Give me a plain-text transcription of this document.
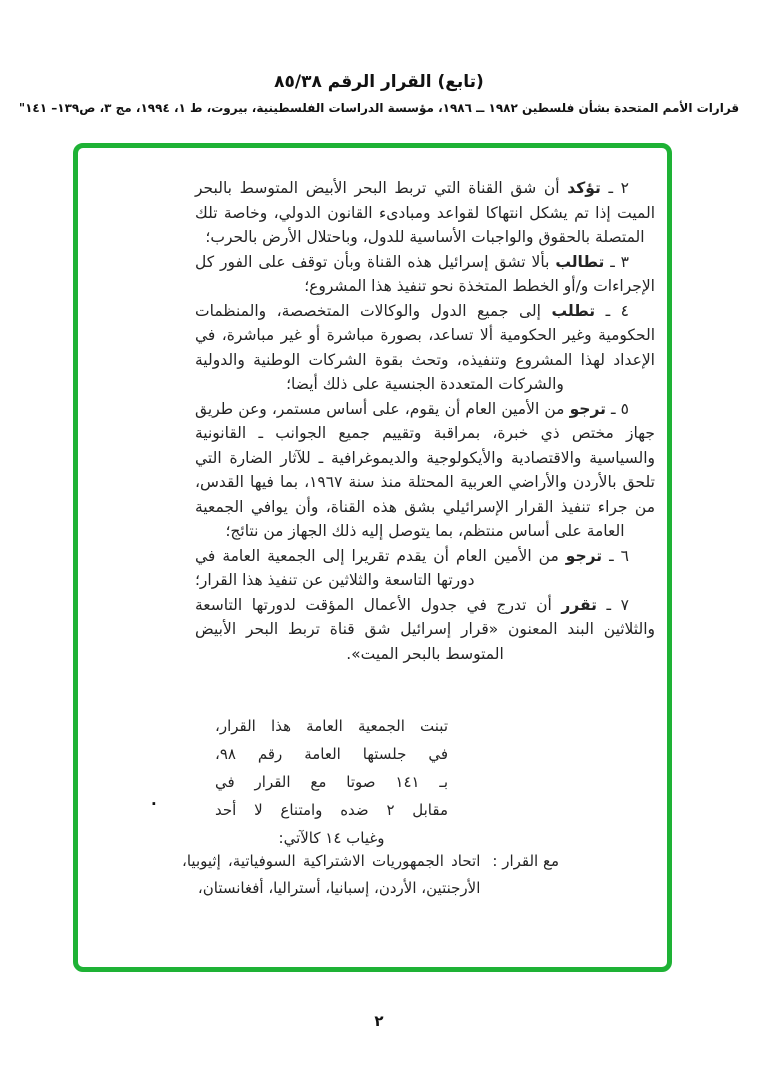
(تابع) القرار الرقم ٨٥/٣٨
قرارات الأمم المتحدة بشأن فلسطين ١٩٨٢ ــ ١٩٨٦، مؤسسة الدراسات الفلسطينية، بيروت، ط ١، ١٩٩٤، مج ٣، ص١٣٩– ١٤١"

٢ ـ تؤكد أن شق القناة التي تربط البحر الأبيض المتوسط بالبحر الميت إذا تم يشكل انتهاكا لقواعد ومبادىء القانون الدولي، وخاصة تلك المتصلة بالحقوق والواجبات الأساسية للدول، وباحتلال الأرض بالحرب؛

٣ ـ تطالب بألا تشق إسرائيل هذه القناة وبأن توقف على الفور كل الإجراءات و/أو الخطط المتخذة نحو تنفيذ هذا المشروع؛

٤ ـ تطلب إلى جميع الدول والوكالات المتخصصة، والمنظمات الحكومية وغير الحكومية ألا تساعد، بصورة مباشرة أو غير مباشرة، في الإعداد لهذا المشروع وتنفيذه، وتحث بقوة الشركات الوطنية والدولية والشركات المتعددة الجنسية على ذلك أيضا؛

٥ ـ ترجو من الأمين العام أن يقوم، على أساس مستمر، وعن طريق جهاز مختص ذي خبرة، بمراقبة وتقييم جميع الجوانب ـ القانونية والسياسية والاقتصادية والأيكولوجية والديموغرافية ـ للآثار الضارة التي تلحق بالأردن والأراضي العربية المحتلة منذ سنة ١٩٦٧، بما فيها القدس، من جراء تنفيذ القرار الإسرائيلي بشق هذه القناة، وأن يوافي الجمعية العامة على أساس منتظم، بما يتوصل إليه ذلك الجهاز من نتائج؛

٦ ـ ترجو من الأمين العام أن يقدم تقريرا إلى الجمعية العامة في دورتها التاسعة والثلاثين عن تنفيذ هذا القرار؛

٧ ـ تقرر أن تدرج في جدول الأعمال المؤقت لدورتها التاسعة والثلاثين البند المعنون «قرار إسرائيل شق قناة تربط البحر الأبيض المتوسط بالبحر الميت».

تبنت الجمعية العامة هذا القرار،
في جلستها العامة رقم ٩٨،
بـ ١٤١ صوتا مع القرار في
مقابل ٢ ضده وامتناع لا أحد
وغياب ١٤ كالآتي:
·
مع القرار :
اتحاد الجمهوريات الاشتراكية السوفياتية، إثيوبيا، الأرجنتين، الأردن، إسبانيا، أستراليا، أفغانستان،
٢
